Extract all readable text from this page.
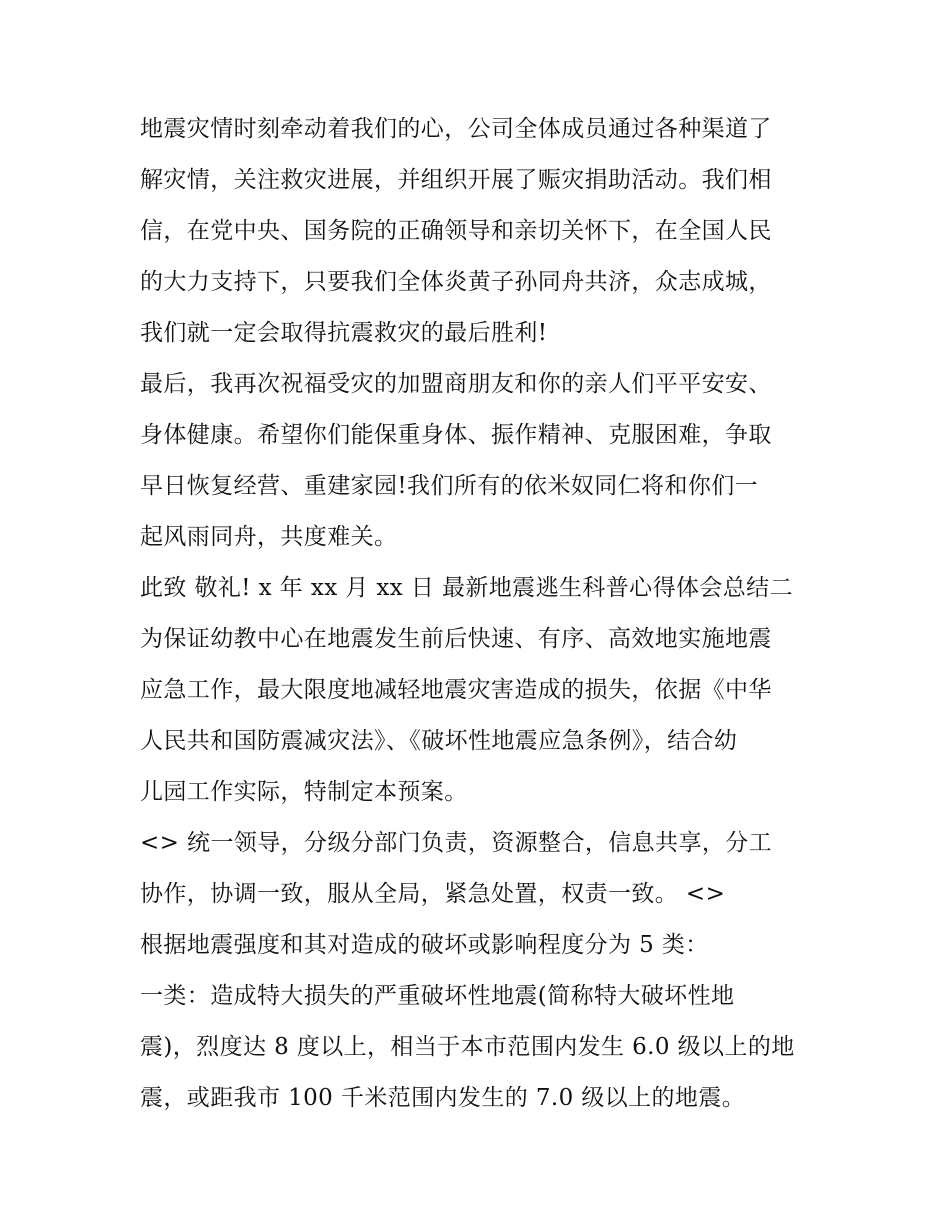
地震灾情时刻牵动着我们的心，公司全体成员通过各种渠道了
解灾情，关注救灾进展，并组织开展了赈灾捐助活动。我们相
信，在党中央、国务院的正确领导和亲切关怀下，在全国人民
的大力支持下，只要我们全体炎黄子孙同舟共济，众志成城，
我们就一定会取得抗震救灾的最后胜利!
最后，我再次祝福受灾的加盟商朋友和你的亲人们平平安安、
身体健康。希望你们能保重身体、振作精神、克服困难，争取
早日恢复经营、重建家园!我们所有的依米奴同仁将和你们一
起风雨同舟，共度难关。
此致 敬礼! x 年 xx 月 xx 日 最新地震逃生科普心得体会总结二
为保证幼教中心在地震发生前后快速、有序、高效地实施地震
应急工作，最大限度地减轻地震灾害造成的损失，依据《中华
人民共和国防震减灾法》、《破坏性地震应急条例》，结合幼
儿园工作实际，特制定本预案。
<> 统一领导，分级分部门负责，资源整合，信息共享，分工
协作，协调一致，服从全局，紧急处置，权责一致。 <>
根据地震强度和其对造成的破坏或影响程度分为 5 类：
一类：造成特大损失的严重破坏性地震(简称特大破坏性地
震)，烈度达 8 度以上，相当于本市范围内发生 6.0 级以上的地
震，或距我市 100 千米范围内发生的 7.0 级以上的地震。
